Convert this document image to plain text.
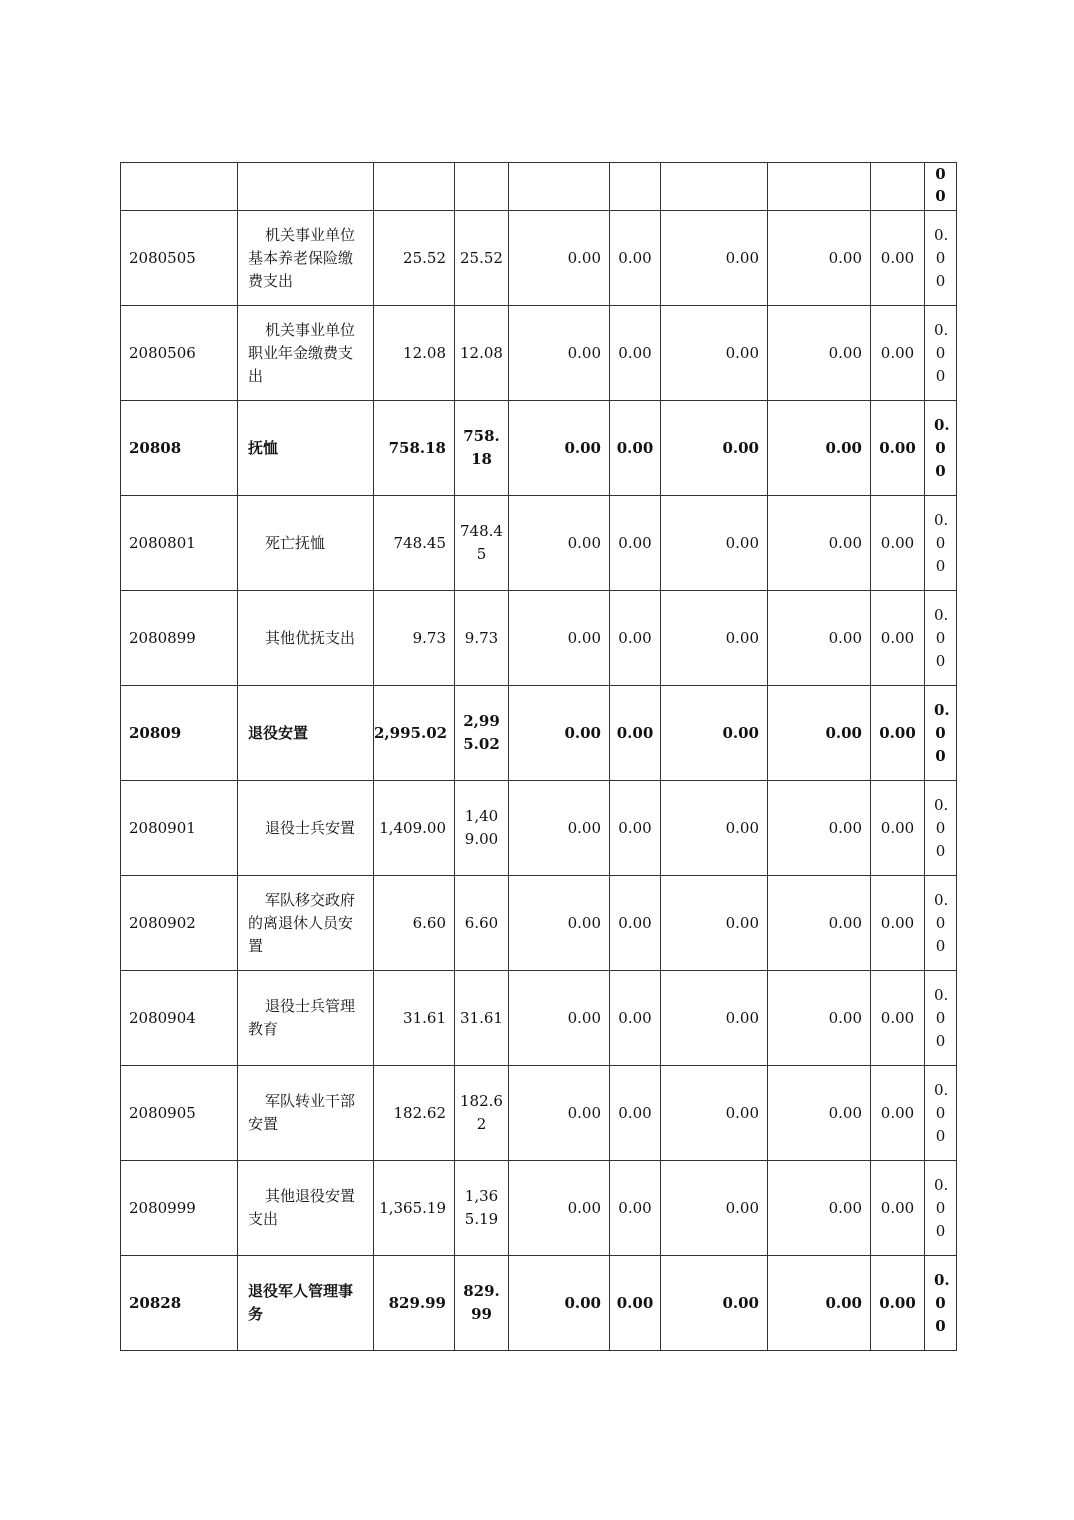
									00
2080505	机关事业单位基本养老保险缴费支出	25.52	25.52	0.00	0.00	0.00	0.00	0.00	0.00
2080506	机关事业单位职业年金缴费支出	12.08	12.08	0.00	0.00	0.00	0.00	0.00	0.00
20808	抚恤	758.18	758.18	0.00	0.00	0.00	0.00	0.00	0.00
2080801	死亡抚恤	748.45	748.45	0.00	0.00	0.00	0.00	0.00	0.00
2080899	其他优抚支出	9.73	9.73	0.00	0.00	0.00	0.00	0.00	0.00
20809	退役安置	2,995.02	2,995.02	0.00	0.00	0.00	0.00	0.00	0.00
2080901	退役士兵安置	1,409.00	1,409.00	0.00	0.00	0.00	0.00	0.00	0.00
2080902	军队移交政府的离退休人员安置	6.60	6.60	0.00	0.00	0.00	0.00	0.00	0.00
2080904	退役士兵管理教育	31.61	31.61	0.00	0.00	0.00	0.00	0.00	0.00
2080905	军队转业干部安置	182.62	182.62	0.00	0.00	0.00	0.00	0.00	0.00
2080999	其他退役安置支出	1,365.19	1,365.19	0.00	0.00	0.00	0.00	0.00	0.00
20828	退役军人管理事务	829.99	829.99	0.00	0.00	0.00	0.00	0.00	0.00
